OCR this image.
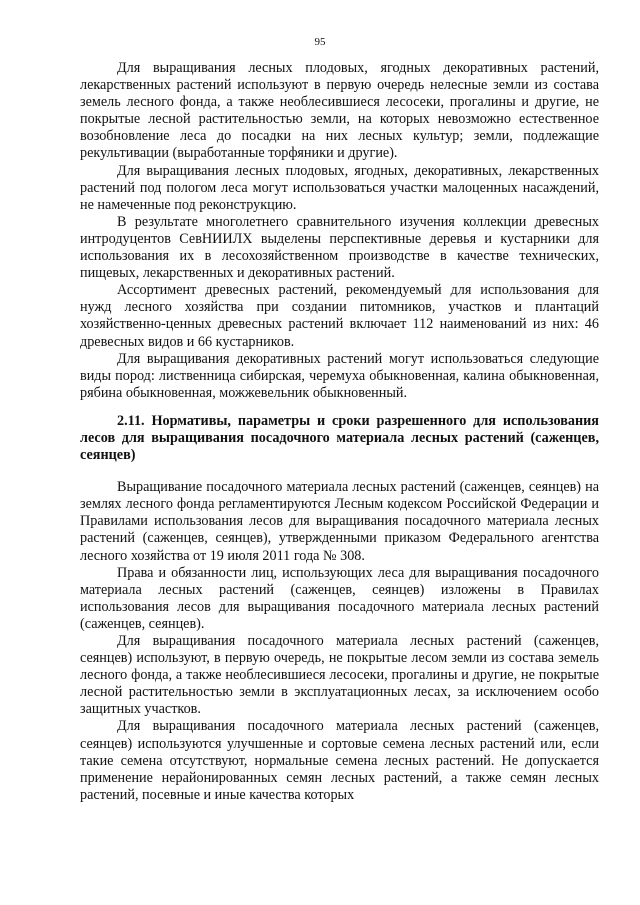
95

Для выращивания лесных плодовых, ягодных декоративных растений, лекарственных растений используют в первую очередь нелесные земли из состава земель лесного фонда, а также необлесившиеся лесосеки, прогалины и другие, не покрытые лесной растительностью земли, на которых невозможно естественное возобновление леса до посадки на них лесных культур; земли, подлежащие рекультивации (выработанные торфяники и другие).

Для выращивания лесных плодовых, ягодных, декоративных, лекарственных растений под пологом леса могут использоваться участки малоценных насаждений, не намеченные под реконструкцию.

В результате многолетнего сравнительного изучения коллекции древесных интродуцентов СевНИИЛХ выделены перспективные деревья и кустарники для использования их в лесохозяйственном производстве в качестве технических, пищевых, лекарственных и декоративных растений.

Ассортимент древесных растений, рекомендуемый для использования для нужд лесного хозяйства при создании питомников, участков и плантаций хозяйственно-ценных древесных растений включает 112 наименований из них: 46 древесных видов и 66 кустарников.

Для выращивания декоративных растений могут использоваться следующие виды пород: лиственница сибирская, черемуха обыкновенная, калина обыкновенная, рябина обыкновенная, можжевельник обыкновенный.

2.11. Нормативы, параметры и сроки разрешенного для использования лесов для выращивания посадочного материала лесных растений (саженцев, сеянцев)

Выращивание посадочного материала лесных растений (саженцев, сеянцев) на землях лесного фонда регламентируются Лесным кодексом Российской Федерации и Правилами использования лесов для выращивания посадочного материала лесных растений (саженцев, сеянцев), утвержденными приказом Федерального агентства лесного хозяйства от 19 июля 2011 года № 308.

Права и обязанности лиц, использующих леса для выращивания посадочного материала лесных растений (саженцев, сеянцев) изложены в Правилах использования лесов для выращивания посадочного материала лесных растений (саженцев, сеянцев).

Для выращивания посадочного материала лесных растений (саженцев, сеянцев) используют, в первую очередь, не покрытые лесом земли из состава земель лесного фонда, а также необлесившиеся лесосеки, прогалины и другие, не покрытые лесной растительностью земли в эксплуатационных лесах, за исключением особо защитных участков.

Для выращивания посадочного материала лесных растений (саженцев, сеянцев) используются улучшенные и сортовые семена лесных растений или, если такие семена отсутствуют, нормальные семена лесных растений. Не допускается применение нерайонированных семян лесных растений, а также семян лесных растений, посевные и иные качества которых
